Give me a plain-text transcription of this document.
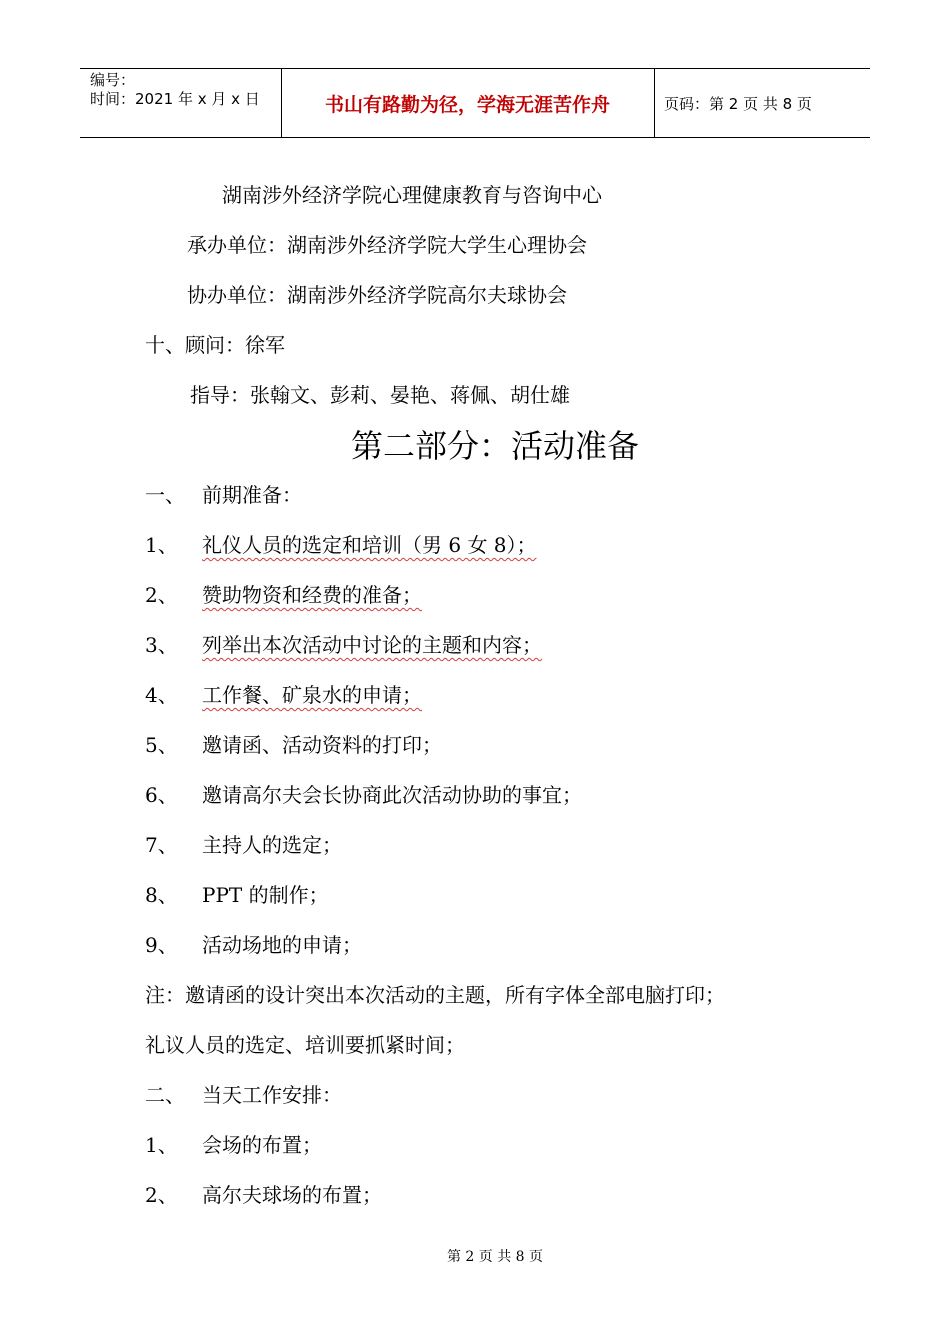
编号：
时间：2021 年 x 月 x 日	书山有路勤为径，学海无涯苦作舟	页码：第 2 页 共 8 页
湖南涉外经济学院心理健康教育与咨询中心
承办单位：湖南涉外经济学院大学生心理协会
协办单位：湖南涉外经济学院高尔夫球协会
十、顾问：徐军
指导：张翰文、彭莉、晏艳、蒋佩、胡仕雄
第二部分：活动准备
一、 前期准备：
1、 礼仪人员的选定和培训（男 6 女 8）；
2、 赞助物资和经费的准备；
3、 列举出本次活动中讨论的主题和内容；
4、 工作餐、矿泉水的申请；
5、 邀请函、活动资料的打印；
6、 邀请高尔夫会长协商此次活动协助的事宜；
7、 主持人的选定；
8、 PPT 的制作；
9、 活动场地的申请；
注：邀请函的设计突出本次活动的主题，所有字体全部电脑打印；
礼议人员的选定、培训要抓紧时间；
二、 当天工作安排：
1、 会场的布置；
2、 高尔夫球场的布置；
第 2 页 共 8 页
